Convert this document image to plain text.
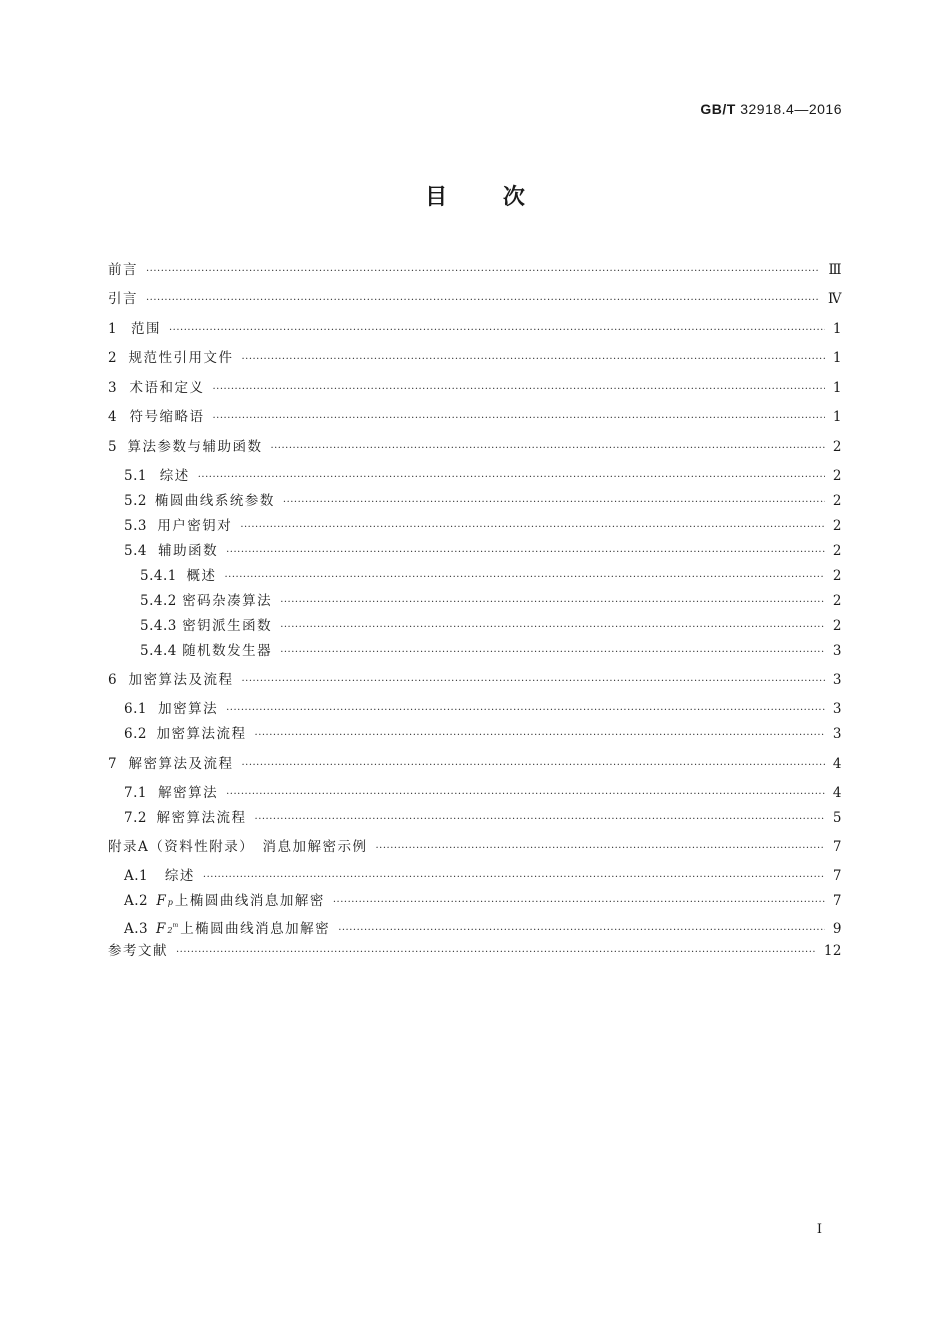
GB/T 32918.4—2016
目	次
前言 ·····	Ⅲ
引言 ·····	Ⅳ
1	范围 ·····	1
2 规范性引用文件 ·····	1
3 术语和定义 ·····	1
4 符号缩略语 ·····	1
5 算法参数与辅助函数 ·····	2
5.1 综述 ·····	2
5.2 椭圆曲线系统参数 ·····	2
5.3 用户密钥对 ·····	2
5.4 辅助函数 ·····	2
5.4.1 概述 ·····	2
5.4.2 密码杂凑算法 ·····	2
5.4.3 密钥派生函数 ·····	2
5.4.4 随机数发生器 ·····	3
6 加密算法及流程 ·····	3
6.1 加密算法 ·····	3
6.2 加密算法流程 ·····	3
7 解密算法及流程 ·····	4
7.1 解密算法 ·····	4
7.2 解密算法流程 ·····	5
附录A（资料性附录）　消息加解密示例 ·····	7
A.1	综述 ·····	7
A.2 F p 上椭圆曲线消息加解密 ·····	7
A.3 F 2$^m$ 上椭圆曲线消息加解密 ·····	9
参考文献 ·····	12
Ⅰ
